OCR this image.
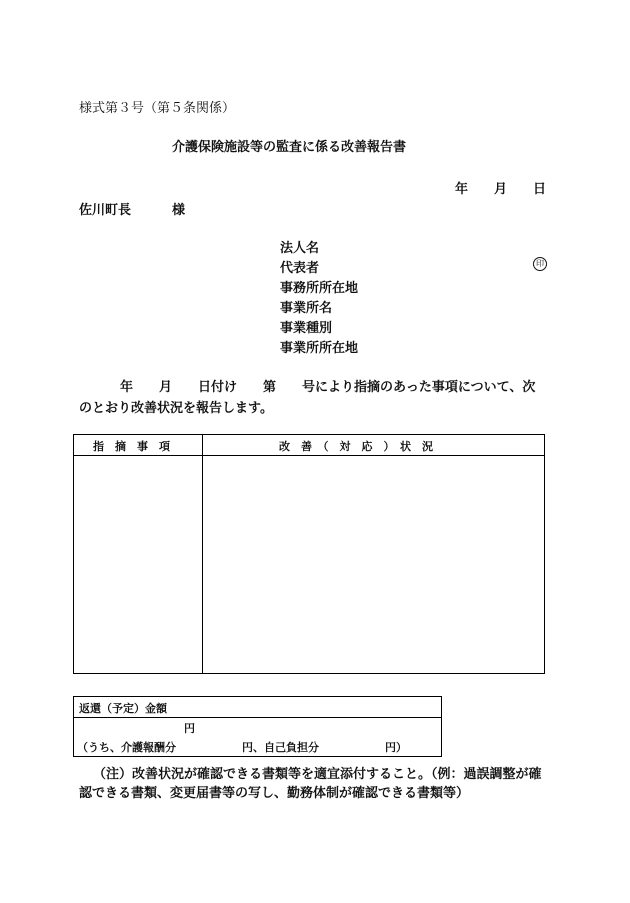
様式第３号（第５条関係）
介護保険施設等の監査に係る改善報告書
年 月 日
佐川町長	様
法人名
代表者	印
事務所所在地
事業所名
事業種別
事業所所在地
年　　月　　日付け　　第　　号により指摘のあった事項について、次
のとおり改善状況を報告します。
指　摘　事　項	改　善　（　対　応　）　状　況
返還（予定）金額
円
（うち、介護報酬分　　　　　　円、自己負担分　　　　　　円）
（注）改善状況が確認できる書類等を適宜添付すること。（例：過誤調整が確
認できる書類、変更届書等の写し、勤務体制が確認できる書類等）
